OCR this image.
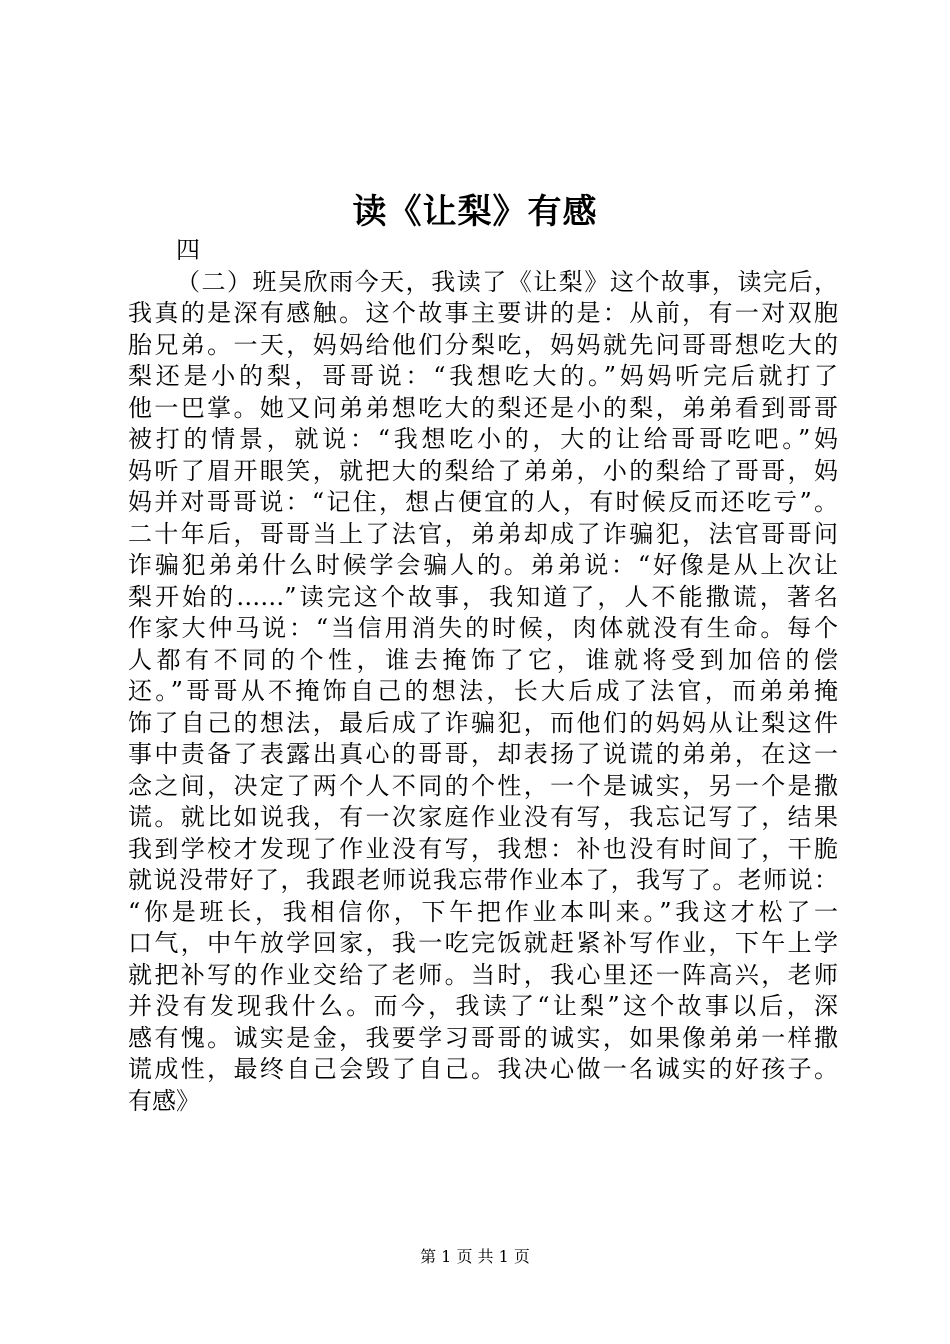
读《让梨》有感
四
（二）班吴欣雨今天，我读了《让梨》这个故事，读完后，
我真的是深有感触。这个故事主要讲的是：从前，有一对双胞
胎兄弟。一天，妈妈给他们分梨吃，妈妈就先问哥哥想吃大的
梨还是小的梨，哥哥说：“我想吃大的。”妈妈听完后就打了
他一巴掌。她又问弟弟想吃大的梨还是小的梨，弟弟看到哥哥
被打的情景，就说：“我想吃小的，大的让给哥哥吃吧。”妈
妈听了眉开眼笑，就把大的梨给了弟弟，小的梨给了哥哥，妈
妈并对哥哥说：“记住，想占便宜的人，有时候反而还吃亏”。
二十年后，哥哥当上了法官，弟弟却成了诈骗犯，法官哥哥问
诈骗犯弟弟什么时候学会骗人的。弟弟说：“好像是从上次让
梨开始的……”读完这个故事，我知道了，人不能撒谎，著名
作家大仲马说：“当信用消失的时候，肉体就没有生命。每个
人都有不同的个性，谁去掩饰了它，谁就将受到加倍的偿
还。”哥哥从不掩饰自己的想法，长大后成了法官，而弟弟掩
饰了自己的想法，最后成了诈骗犯，而他们的妈妈从让梨这件
事中责备了表露出真心的哥哥，却表扬了说谎的弟弟，在这一
念之间，决定了两个人不同的个性，一个是诚实，另一个是撒
谎。就比如说我，有一次家庭作业没有写，我忘记写了，结果
我到学校才发现了作业没有写，我想：补也没有时间了，干脆
就说没带好了，我跟老师说我忘带作业本了，我写了。老师说：
“你是班长，我相信你，下午把作业本叫来。”我这才松了一
口气，中午放学回家，我一吃完饭就赶紧补写作业，下午上学
就把补写的作业交给了老师。当时，我心里还一阵高兴，老师
并没有发现我什么。而今，我读了“让梨”这个故事以后，深
感有愧。诚实是金，我要学习哥哥的诚实，如果像弟弟一样撒
谎成性，最终自己会毁了自己。我决心做一名诚实的好孩子。
有感》
第 1 页 共 1 页
